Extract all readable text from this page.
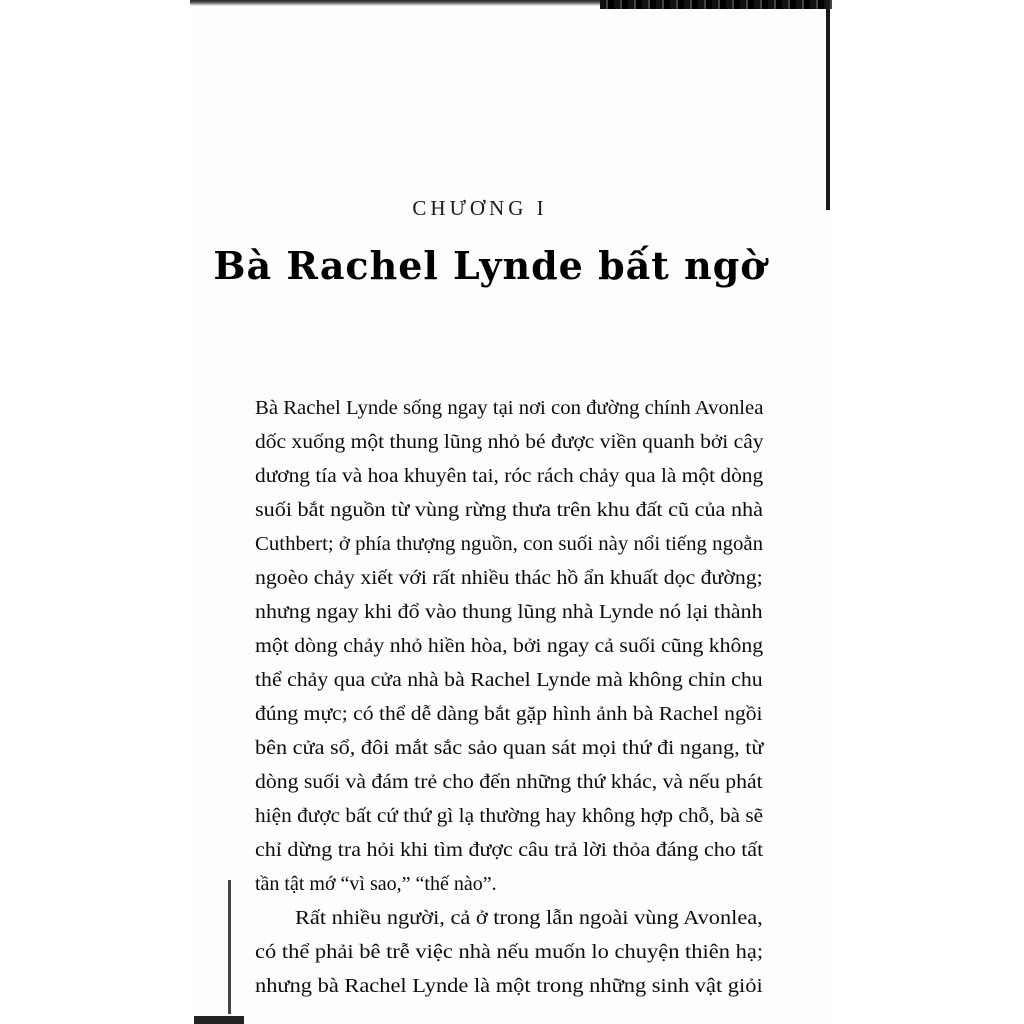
CHƯƠNG I
Bà Rachel Lynde bất ngờ
Bà Rachel Lynde sống ngay tại nơi con đường chính Avonlea
dốc xuống một thung lũng nhỏ bé được viền quanh bởi cây
dương tía và hoa khuyên tai, róc rách chảy qua là một dòng
suối bắt nguồn từ vùng rừng thưa trên khu đất cũ của nhà
Cuthbert; ở phía thượng nguồn, con suối này nổi tiếng ngoằn
ngoèo chảy xiết với rất nhiều thác hồ ẩn khuất dọc đường;
nhưng ngay khi đổ vào thung lũng nhà Lynde nó lại thành
một dòng chảy nhỏ hiền hòa, bởi ngay cả suối cũng không
thể chảy qua cửa nhà bà Rachel Lynde mà không chỉn chu
đúng mực; có thể dễ dàng bắt gặp hình ảnh bà Rachel ngồi
bên cửa sổ, đôi mắt sắc sảo quan sát mọi thứ đi ngang, từ
dòng suối và đám trẻ cho đến những thứ khác, và nếu phát
hiện được bất cứ thứ gì lạ thường hay không hợp chỗ, bà sẽ
chỉ dừng tra hỏi khi tìm được câu trả lời thỏa đáng cho tất
tần tật mớ “vì sao,” “thế nào”.
Rất nhiều người, cả ở trong lẫn ngoài vùng Avonlea,
có thể phải bê trễ việc nhà nếu muốn lo chuyện thiên hạ;
nhưng bà Rachel Lynde là một trong những sinh vật giỏi
